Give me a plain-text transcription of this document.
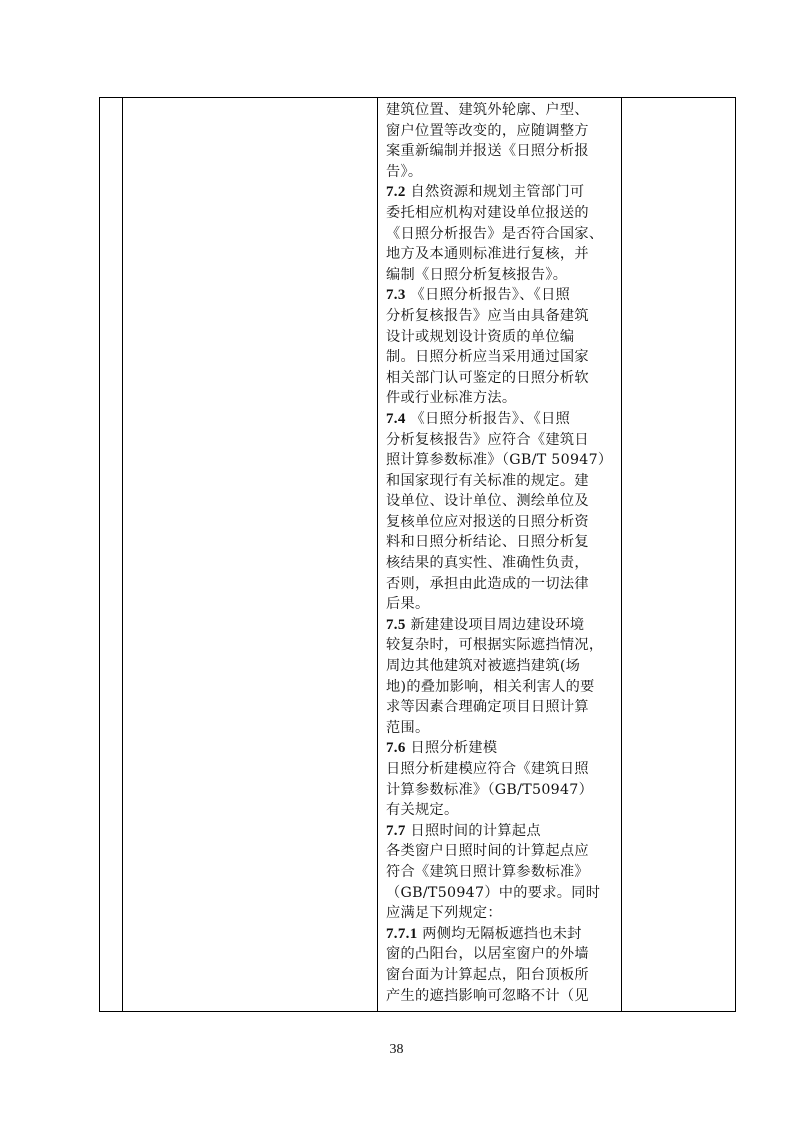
建筑位置、建筑外轮廓、户型、
窗户位置等改变的，应随调整方
案重新编制并报送《日照分析报
告》。
7.2 自然资源和规划主管部门可
委托相应机构对建设单位报送的
《日照分析报告》是否符合国家、
地方及本通则标准进行复核，并
编制《日照分析复核报告》。
7.3 《日照分析报告》、《日照
分析复核报告》应当由具备建筑
设计或规划设计资质的单位编
制。日照分析应当采用通过国家
相关部门认可鉴定的日照分析软
件或行业标准方法。
7.4 《日照分析报告》、《日照
分析复核报告》应符合《建筑日
照计算参数标准》（GB/T 50947）
和国家现行有关标准的规定。建
设单位、设计单位、测绘单位及
复核单位应对报送的日照分析资
料和日照分析结论、日照分析复
核结果的真实性、准确性负责，
否则，承担由此造成的一切法律
后果。
7.5 新建建设项目周边建设环境
较复杂时，可根据实际遮挡情况，
周边其他建筑对被遮挡建筑(场
地)的叠加影响，相关利害人的要
求等因素合理确定项目日照计算
范围。
7.6 日照分析建模
日照分析建模应符合《建筑日照
计算参数标准》（GB/T50947）
有关规定。
7.7 日照时间的计算起点
各类窗户日照时间的计算起点应
符合《建筑日照计算参数标准》
（GB/T50947）中的要求。同时
应满足下列规定：
7.7.1 两侧均无隔板遮挡也未封
窗的凸阳台，以居室窗户的外墙
窗台面为计算起点，阳台顶板所
产生的遮挡影响可忽略不计（见
38
